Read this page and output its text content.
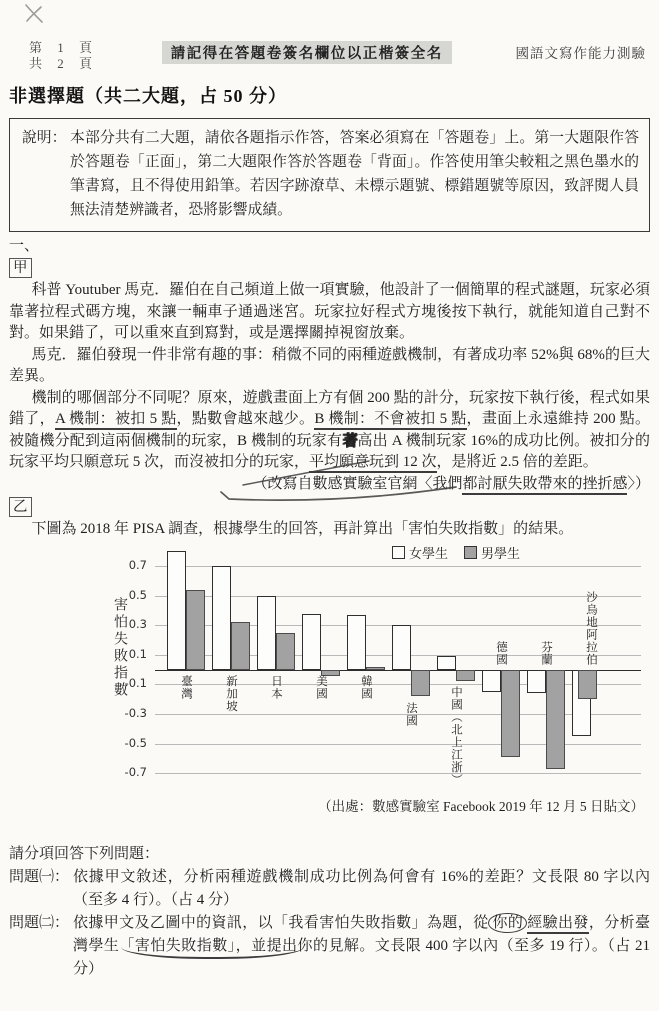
第 1 頁
共 2 頁
請記得在答題卷簽名欄位以正楷簽全名	國語文寫作能力測驗
非選擇題（共二大題，占 50 分）
說明： 本部分共有二大題，請依各題指示作答，答案必須寫在「答題卷」上。第一大題限作答於答題卷「正面」，第二大題限作答於答題卷「背面」。作答使用筆尖較粗之黑色墨水的筆書寫，且不得使用鉛筆。若因字跡潦草、未標示題號、標錯題號等原因，致評閱人員無法清楚辨識者，恐將影響成績。
一、
甲

科普 Youtuber 馬克．羅伯在自己頻道上做一項實驗，他設計了一個簡單的程式謎題，玩家必須靠著拉程式碼方塊，來讓一輛車子通過迷宮。玩家拉好程式方塊後按下執行，就能知道自己對不對。如果錯了，可以重來直到寫對，或是選擇關掉視窗放棄。

馬克．羅伯發現一件非常有趣的事：稍微不同的兩種遊戲機制，有著成功率 52%與 68%的巨大差異。

機制的哪個部分不同呢？原來，遊戲畫面上方有個 200 點的計分，玩家按下執行後，程式如果錯了，A 機制：被扣 5 點，點數會越來越少。B 機制：不會被扣 5 點，畫面上永遠維持 200 點。被隨機分配到這兩個機制的玩家，B 機制的玩家有著高出 A 機制玩家 16%的成功比例。被扣分的玩家平均只願意玩 5 次，而沒被扣分的玩家，平均願意玩到 12 次，是將近 2.5 倍的差距。

（改寫自數感實驗室官網〈我們都討厭失敗帶來的挫折感〉）

乙

下圖為 2018 年 PISA 調查，根據學生的回答，再計算出「害怕失敗指數」的結果。

害怕失敗指數
女學生	男學生
0.7
0.5
0.3
0.1
-0.1
-0.3
-0.5
-0.7
臺灣	新加坡	日本	美國	韓國
法國	中國（北上江浙）
德國	芬蘭	沙烏地阿拉伯

（出處：數感實驗室 Facebook 2019 年 12 月 5 日貼文）

請分項回答下列問題：

問題㈠： 依據甲文敘述，分析兩種遊戲機制成功比例為何會有 16%的差距？文長限 80 字以內（至多 4 行）。（占 4 分）
問題㈡： 依據甲文及乙圖中的資訊，以「我看害怕失敗指數」為題，從 你的 經驗出發，分析臺灣學生「害怕失敗指數」，並提出你的見解。文長限 400 字以內（至多 19 行）。（占 21 分）
